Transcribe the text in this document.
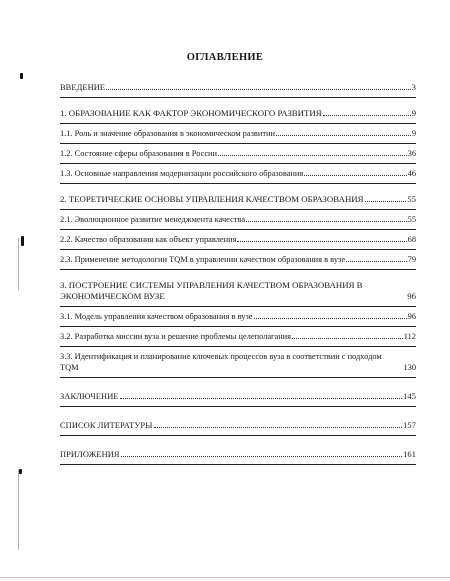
ОГЛАВЛЕНИЕ
ВВЕДЕНИЕ	3
1. ОБРАЗОВАНИЕ КАК ФАКТОР ЭКОНОМИЧЕСКОГО РАЗВИТИЯ	9
1.1. Роль и значение образования в экономическом развитии	9
1.2. Состояние сферы образования в России	36
1.3. Основные направления модернизации российского образования	46
2. ТЕОРЕТИЧЕСКИЕ ОСНОВЫ УПРАВЛЕНИЯ КАЧЕСТВОМ ОБРАЗОВАНИЯ	55
2.1. Эволюционное развитие менеджмента качества	55
2.2. Качество образования как объект управления	68
2.3. Применение методологии TQM в управлении качеством образования в вузе	79
3. ПОСТРОЕНИЕ СИСТЕМЫ УПРАВЛЕНИЯ КАЧЕСТВОМ ОБРАЗОВАНИЯ В ЭКОНОМИЧЕСКОМ ВУЗЕ	96
3.1. Модель управления качеством образования в вузе	96
3.2. Разработка миссии вуза и решение проблемы целеполагания	112
3.3. Идентификация и планирование ключевых процессов вуза в соответствии с подходом TQM	130
ЗАКЛЮЧЕНИЕ	145
СПИСОК ЛИТЕРАТУРЫ	157
ПРИЛОЖЕНИЯ	161
